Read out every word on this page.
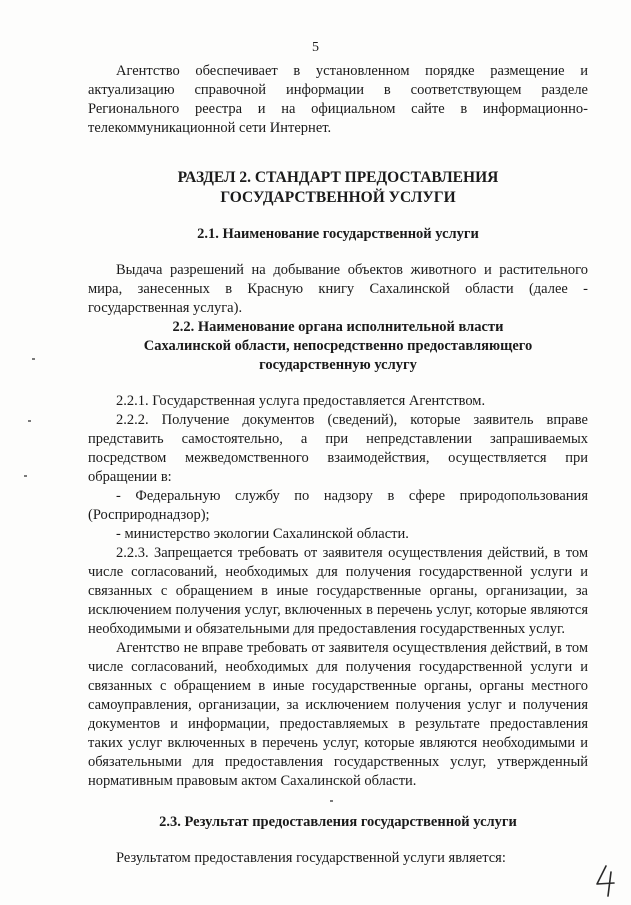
5

Агентство обеспечивает в установленном порядке размещение и актуализацию справочной информации в соответствующем разделе Регионального реестра и на официальном сайте в информационно-телекоммуникационной сети Интернет.

РАЗДЕЛ 2. СТАНДАРТ ПРЕДОСТАВЛЕНИЯ

ГОСУДАРСТВЕННОЙ УСЛУГИ

2.1. Наименование государственной услуги

Выдача разрешений на добывание объектов животного и растительного мира, занесенных в Красную книгу Сахалинской области (далее - государственная услуга).

2.2. Наименование органа исполнительной власти

Сахалинской области, непосредственно предоставляющего

государственную услугу

2.2.1. Государственная услуга предоставляется Агентством.

2.2.2. Получение документов (сведений), которые заявитель вправе представить самостоятельно, а при непредставлении запрашиваемых посредством межведомственного взаимодействия, осуществляется при обращении в:

- Федеральную службу по надзору в сфере природопользования (Росприроднадзор);

- министерство экологии Сахалинской области.

2.2.3. Запрещается требовать от заявителя осуществления действий, в том числе согласований, необходимых для получения государственной услуги и связанных с обращением в иные государственные органы, организации, за исключением получения услуг, включенных в перечень услуг, которые являются необходимыми и обязательными для предоставления государственных услуг.

Агентство не вправе требовать от заявителя осуществления действий, в том числе согласований, необходимых для получения государственной услуги и связанных с обращением в иные государственные органы, органы местного самоуправления, организации, за исключением получения услуг и получения документов и информации, предоставляемых в результате предоставления таких услуг включенных в перечень услуг, которые являются необходимыми и обязательными для предоставления государственных услуг, утвержденный нормативным правовым актом Сахалинской области.

2.3. Результат предоставления государственной услуги

Результатом предоставления государственной услуги является:
